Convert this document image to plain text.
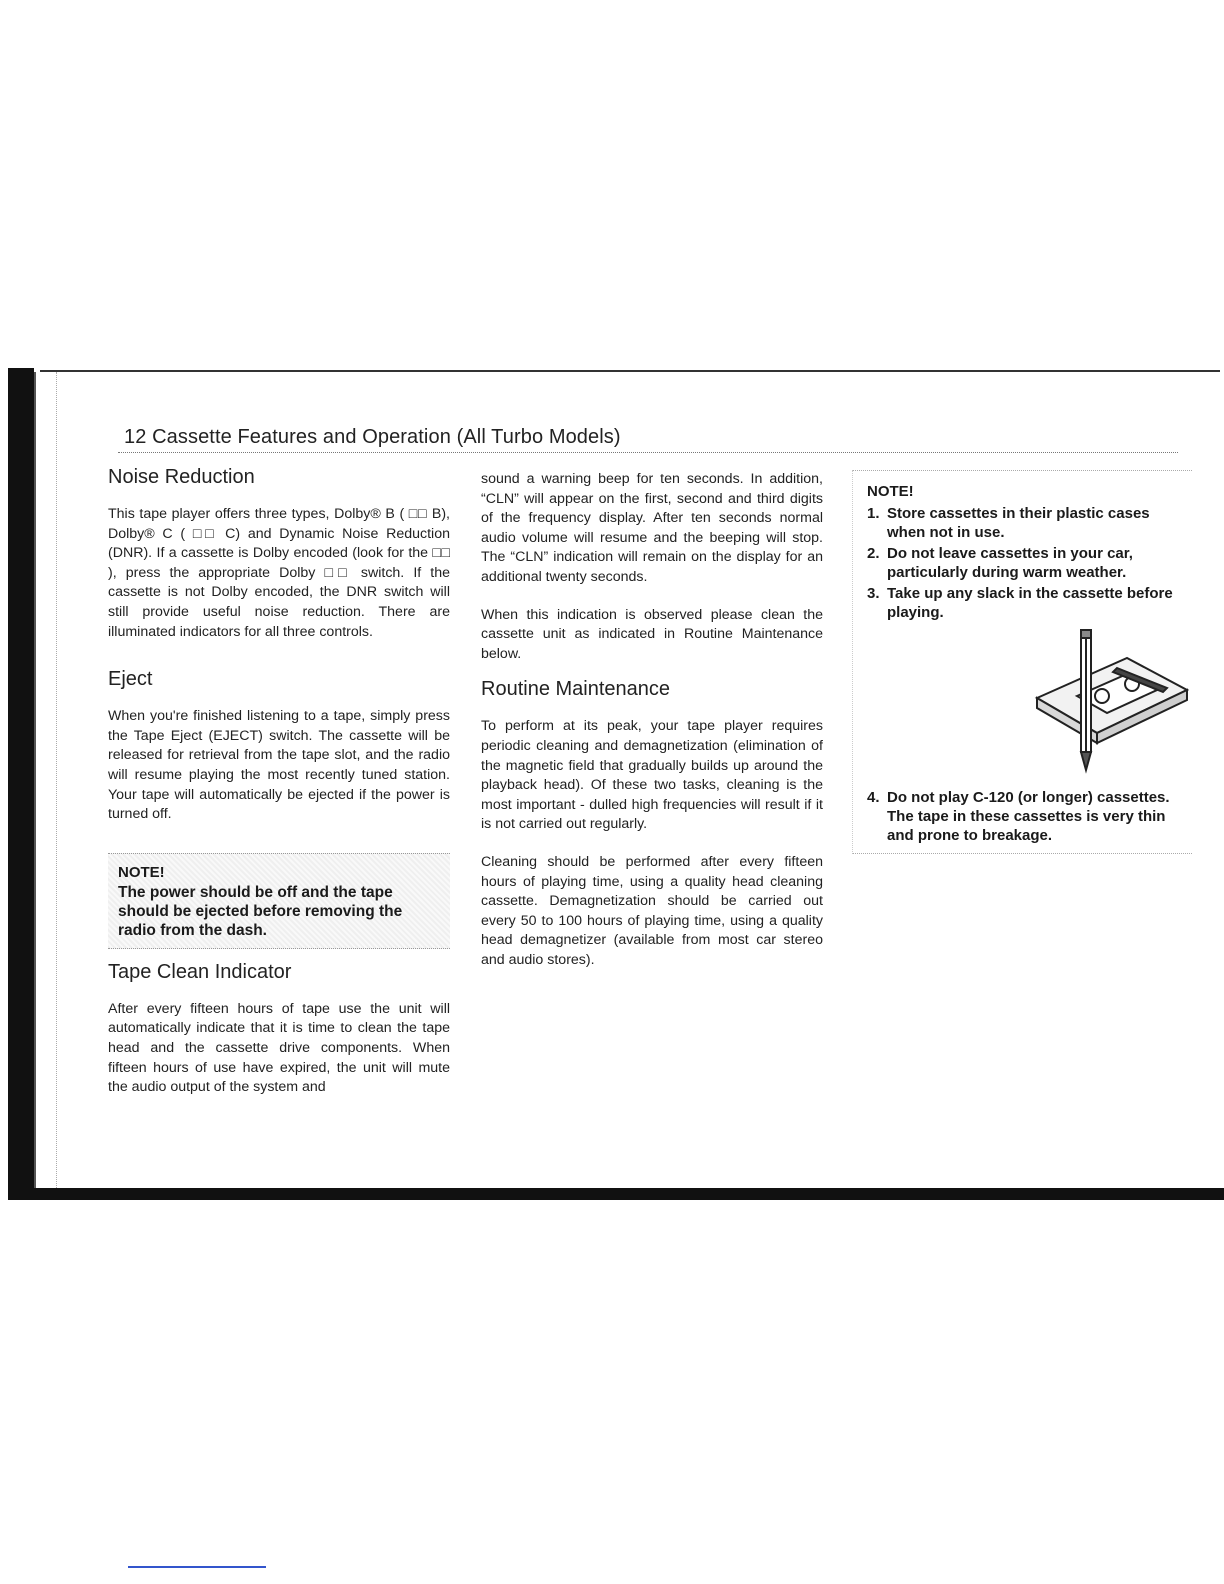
12 Cassette Features and Operation (All Turbo Models)
Noise Reduction

This tape player offers three types, Dolby® B ( □□ B), Dolby® C ( □□ C) and Dynamic Noise Reduction (DNR). If a cassette is Dolby encoded (look for the □□ ), press the appropriate Dolby □□ switch. If the cassette is not Dolby encoded, the DNR switch will still provide useful noise reduction. There are illuminated indicators for all three controls.

Eject

When you're finished listening to a tape, simply press the Tape Eject (EJECT) switch. The cassette will be released for retrieval from the tape slot, and the radio will resume playing the most recently tuned station. Your tape will automatically be ejected if the power is turned off.

NOTE!
The power should be off and the tape should be ejected before removing the radio from the dash.
Tape Clean Indicator

After every fifteen hours of tape use the unit will automatically indicate that it is time to clean the tape head and the cassette drive components. When fifteen hours of use have expired, the unit will mute the audio output of the system and

sound a warning beep for ten seconds. In addition, “CLN” will appear on the first, second and third digits of the frequency display. After ten seconds normal audio volume will resume and the beeping will stop. The “CLN” indication will remain on the display for an additional twenty seconds.

When this indication is observed please clean the cassette unit as indicated in Routine Maintenance below.

Routine Maintenance

To perform at its peak, your tape player requires periodic cleaning and demagnetization (elimination of the magnetic field that gradually builds up around the playback head). Of these two tasks, cleaning is the most important - dulled high frequencies will result if it is not carried out regularly.

Cleaning should be performed after every fifteen hours of playing time, using a quality head cleaning cassette. Demagnetization should be carried out every 50 to 100 hours of playing time, using a quality head demagnetizer (available from most car stereo and audio stores).

NOTE!
1. Store cassettes in their plastic cases when not in use.
2. Do not leave cassettes in your car, particularly during warm weather.
3. Take up any slack in the cassette before playing.
4. Do not play C-120 (or longer) cassettes. The tape in these cassettes is very thin and prone to breakage.
